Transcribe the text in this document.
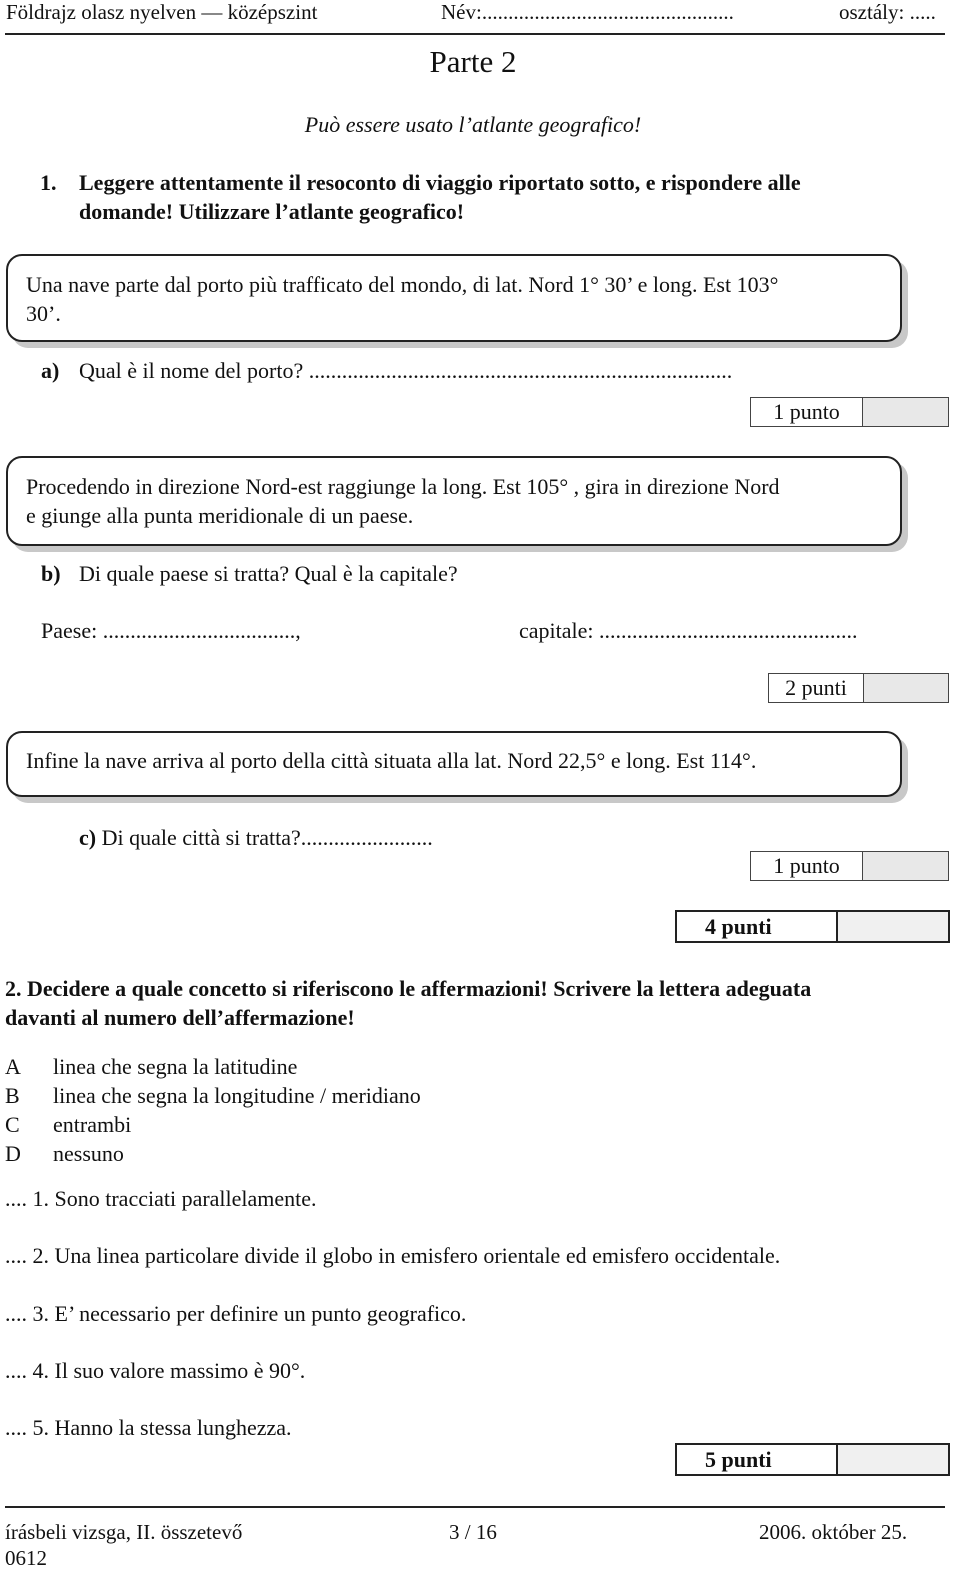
Földrajz olasz nyelven — középszint	Név:................................................	osztály: .....
Parte 2
Può essere usato l’atlante geografico!
1. Leggere attentamente il resoconto di viaggio riportato sotto, e rispondere alle
domande! Utilizzare l’atlante geografico!
Una nave parte dal porto più trafficato del mondo, di lat. Nord 1° 30’ e long. Est 103°
30’.
a) Qual è il nome del porto? .............................................................................
1 punto
Procedendo in direzione Nord-est raggiunge la long. Est 105° , gira in direzione Nord
e giunge alla punta meridionale di un paese.
b) Di quale paese si tratta? Qual è la capitale?
Paese: ...................................,	capitale: ...............................................
2 punti
Infine la nave arriva al porto della città situata alla lat. Nord 22,5° e long. Est 114°.
c) Di quale città si tratta?........................
1 punto
4 punti
2. Decidere a quale concetto si riferiscono le affermazioni! Scrivere la lettera adeguata
davanti al numero dell’affermazione!
A linea che segna la latitudine
B linea che segna la longitudine / meridiano
C entrambi
D nessuno
.... 1. Sono tracciati parallelamente.
.... 2. Una linea particolare divide il globo in emisfero orientale ed emisfero occidentale.
.... 3. E’ necessario per definire un punto geografico.
.... 4. Il suo valore massimo è 90°.
.... 5. Hanno la stessa lunghezza.
5 punti
írásbeli vizsga, II. összetevő	3 / 16	2006. október 25.
0612
